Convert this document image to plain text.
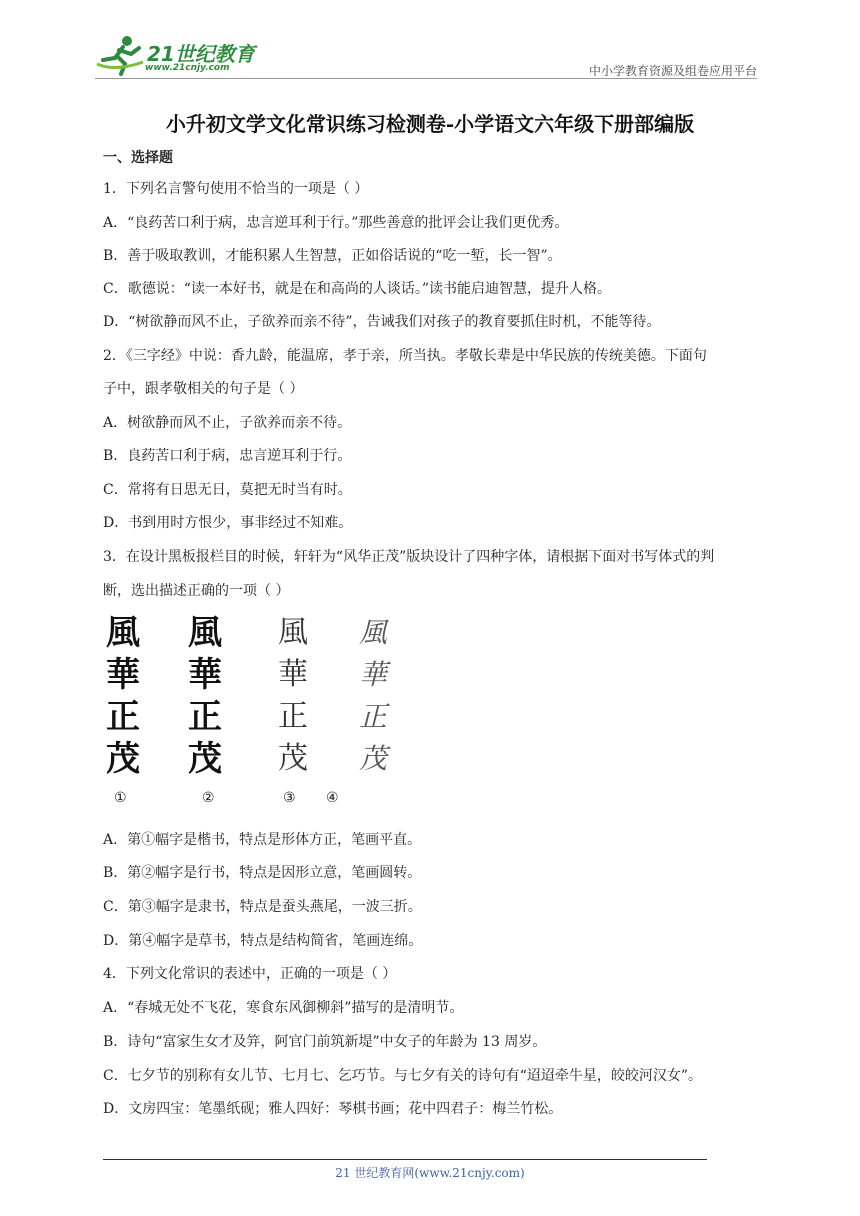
21世纪教育
www.21cnjy.com	中小学教育资源及组卷应用平台
小升初文学文化常识练习检测卷-小学语文六年级下册部编版
一、选择题
1．下列名言警句使用不恰当的一项是（ ）
A．“良药苦口利于病，忠言逆耳利于行。”那些善意的批评会让我们更优秀。
B．善于吸取教训，才能积累人生智慧，正如俗话说的“吃一堑，长一智”。
C．歌德说：“读一本好书，就是在和高尚的人谈话。”读书能启迪智慧，提升人格。
D．“树欲静而风不止，子欲养而亲不待”，告诫我们对孩子的教育要抓住时机，不能等待。
2．《三字经》中说：香九龄，能温席，孝于亲，所当执。孝敬长辈是中华民族的传统美德。下面句
子中，跟孝敬相关的句子是（ ）
A．树欲静而风不止，子欲养而亲不待。
B．良药苦口利于病，忠言逆耳利于行。
C．常将有日思无日，莫把无时当有时。
D．书到用时方恨少，事非经过不知难。
3．在设计黑板报栏目的时候，轩轩为“风华正茂”版块设计了四种字体，请根据下面对书写体式的判
断，选出描述正确的一项（ ）
風
華
正
茂
風
華
正
茂
風
華
正
茂
風
華
正
茂
①	②	③ ④
A．第①幅字是楷书，特点是形体方正，笔画平直。
B．第②幅字是行书，特点是因形立意，笔画圆转。
C．第③幅字是隶书，特点是蚕头燕尾，一波三折。
D．第④幅字是草书，特点是结构简省，笔画连绵。
4．下列文化常识的表述中，正确的一项是（ ）
A．“春城无处不飞花，寒食东风御柳斜”描写的是清明节。
B．诗句“富家生女才及笄，阿官门前筑新堤”中女子的年龄为 13 周岁。
C．七夕节的别称有女儿节、七月七、乞巧节。与七夕有关的诗句有“迢迢牵牛星，皎皎河汉女”。
D．文房四宝：笔墨纸砚；雅人四好：琴棋书画；花中四君子：梅兰竹松。
21 世纪教育网(www.21cnjy.com)
